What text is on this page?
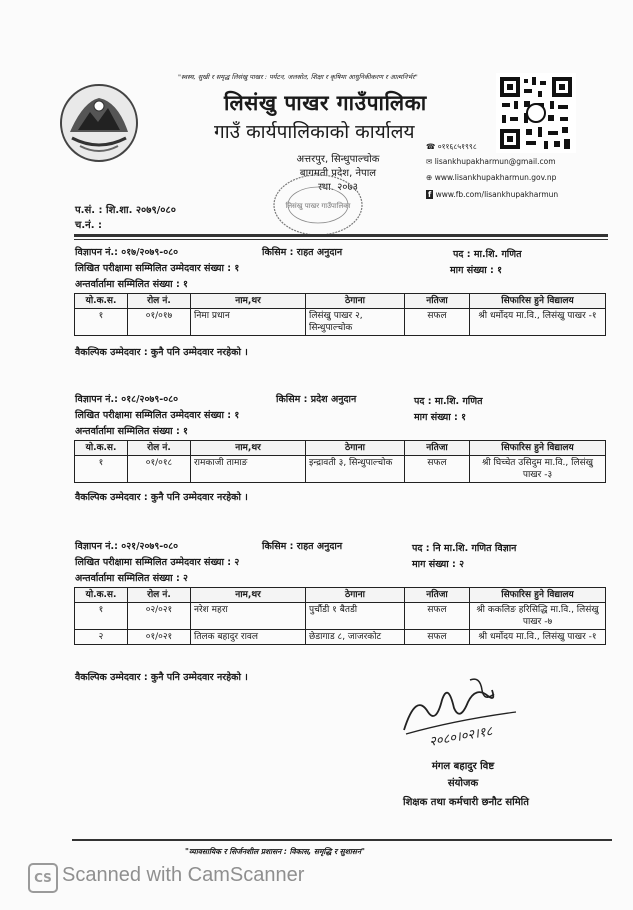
"स्वस्थ, सुखी र समृद्ध लिसंखु पाखर : पर्यटन, जलस्रोत, शिक्षा र कृषिमा आधुनिकीकरण र आत्मनिर्भर"
लिसंखु पाखर गाउँपालिका
गाउँ कार्यपालिकाको कार्यालय
अत्तरपुर, सिन्धुपाल्चोक
बागमती प्रदेश, नेपाल
स्था. २०७३
लिसंखु पाखर गाउँपालिका
☎ ०११६८५१९९८
✉ lisankhupakharmun@gmail.com
⊕ www.lisankhupakharmun.gov.np
f www.fb.com/lisankhupakharmun
प.सं. : शि.शा. २०७९/०८०
च.नं. :
विज्ञापन नं.: ०१७/२०७९-०८०	किसिम : राहत अनुदान	पद : मा.शि. गणित
लिखित परीक्षामा सम्मिलित उम्मेदवार संख्या : १	माग संख्या : १
अन्तर्वार्तामा सम्मिलित संख्या : १
यो.क.स.	रोल नं.	नाम,थर	ठेगाना	नतिजा	सिफारिस हुने विद्यालय
१	०१/०१७	निमा प्रधान	लिसंखु पाखर २, सिन्धुपाल्चोक	सफल	श्री धर्मोदय मा.वि., लिसंखु पाखर -१
वैकल्पिक उम्मेदवार : कुनै पनि उम्मेदवार नरहेको ।
विज्ञापन नं.: ०१८/२०७९-०८०	किसिम : प्रदेश अनुदान	पद : मा.शि. गणित
लिखित परीक्षामा सम्मिलित उम्मेदवार संख्या : १	माग संख्या : १
अन्तर्वार्तामा सम्मिलित संख्या : १
यो.क.स.	रोल नं.	नाम,थर	ठेगाना	नतिजा	सिफारिस हुने विद्यालय
१	०१/०१८	रामकाजी तामाङ	इन्द्रावती ३, सिन्धुपाल्चोक	सफल	श्री घिच्चेत उसिदुम मा.वि., लिसंखु पाखर -३
वैकल्पिक उम्मेदवार : कुनै पनि उम्मेदवार नरहेको ।
विज्ञापन नं.: ०२१/२०७९-०८०	किसिम : राहत अनुदान	पद : नि मा.शि. गणित विज्ञान
लिखित परीक्षामा सम्मिलित उम्मेदवार संख्या : २	माग संख्या : २
अन्तर्वार्तामा सम्मिलित संख्या : २
यो.क.स.	रोल नं.	नाम,थर	ठेगाना	नतिजा	सिफारिस हुने विद्यालय
१	०२/०२१	नरेश महरा	पुर्चौडी १ बैतडी	सफल	श्री ककलिङ हरिसिद्धि मा.वि., लिसंखु पाखर -७
२	०१/०२१	तिलक बहादुर रावल	छेडागाड ८, जाजरकोट	सफल	श्री धर्मोदय मा.वि., लिसंखु पाखर -१
वैकल्पिक उम्मेदवार : कुनै पनि उम्मेदवार नरहेको ।
२०८०।०२।१८
मंगल बहादुर विष्ट
संयोजक
शिक्षक तथा कर्मचारी छनौट समिति
"व्यावसायिक र सिर्जनशील प्रशासन : विकास, समृद्धि र सुशासन"
CS Scanned with CamScanner
